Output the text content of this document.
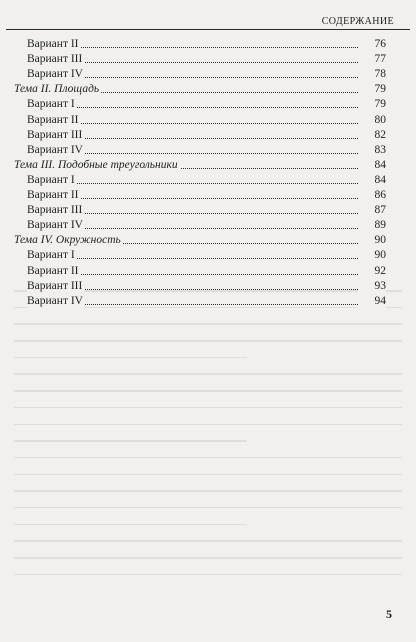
СОДЕРЖАНИЕ
Вариант II	76
Вариант III	77
Вариант IV	78
Тема II. Площадь	79
Вариант I	79
Вариант II	80
Вариант III	82
Вариант IV	83
Тема III. Подобные треугольники	84
Вариант I	84
Вариант II	86
Вариант III	87
Вариант IV	89
Тема IV. Окружность	90
Вариант I	90
Вариант II	92
Вариант III	93
Вариант IV	94
5
